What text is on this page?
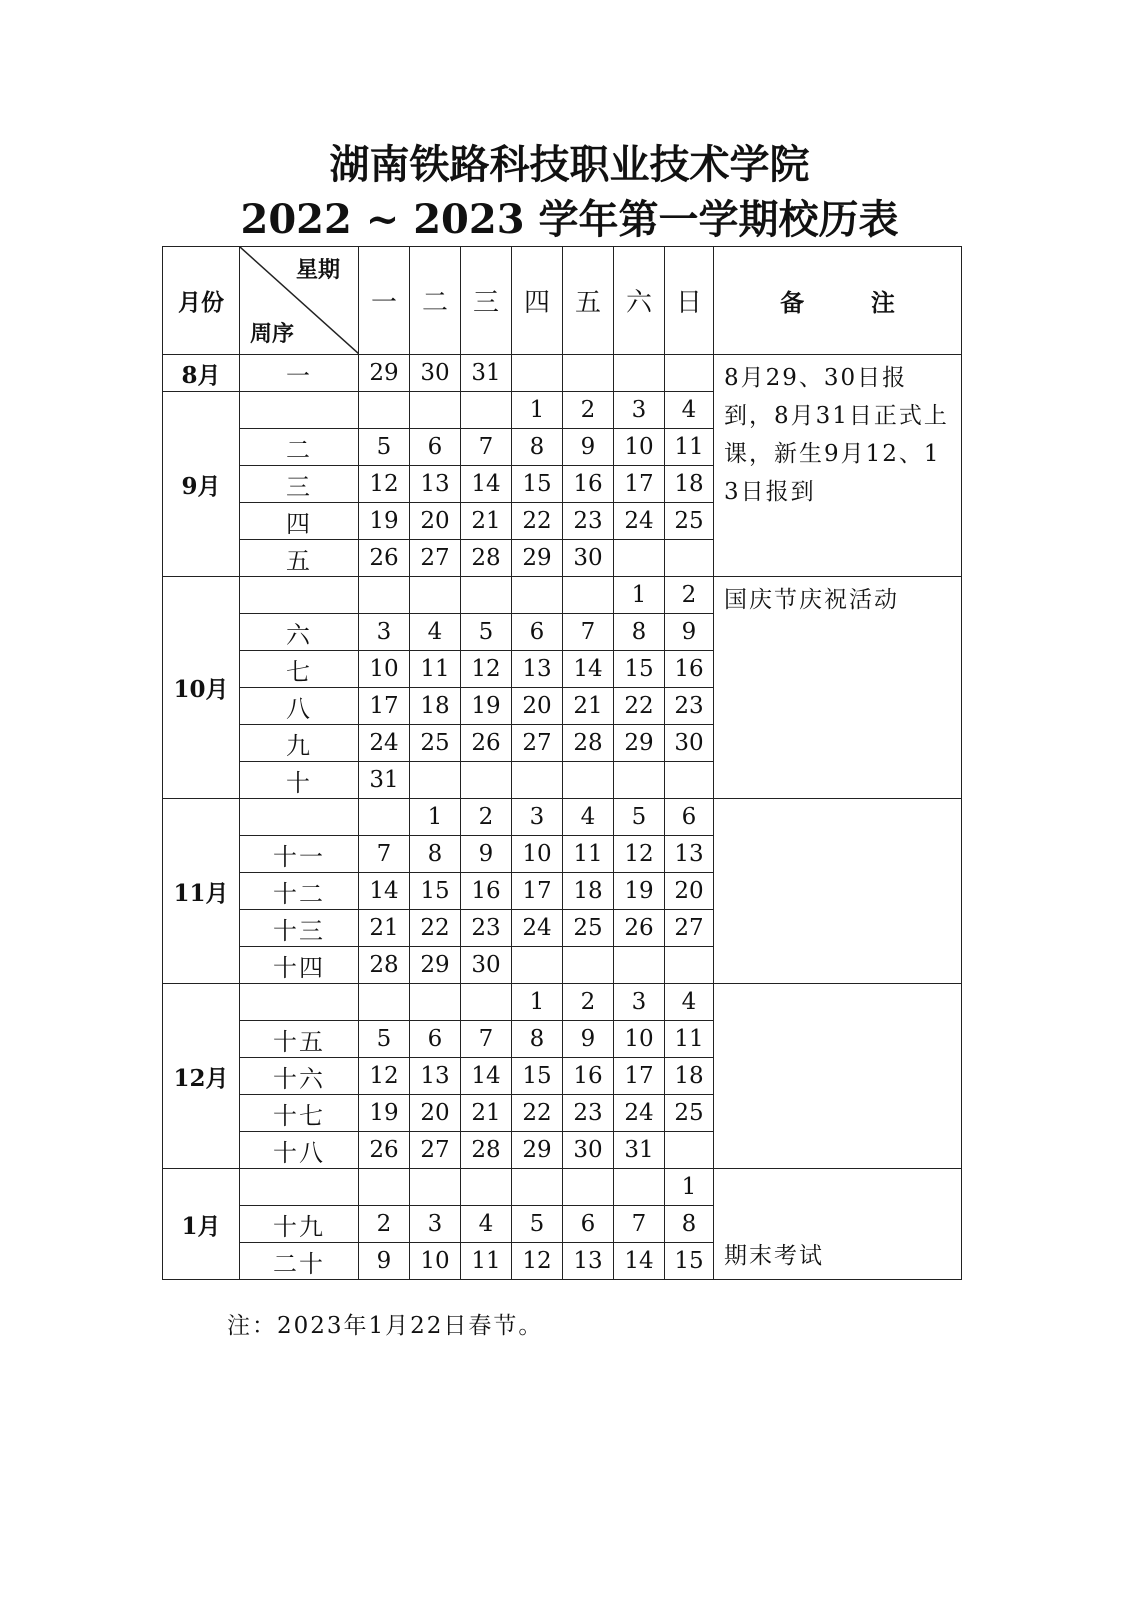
湖南铁路科技职业技术学院
2022 ~ 2023 学年第一学期校历表
月份	星期
周序	一	二	三	四	五	六	日	备        注
8月	一	29	30	31					8月29、30日报到，8月31日正式上课，新生9月12、13日报到
9月					1	2	3	4	
	二	5	6	7	8	9	10	11	
	三	12	13	14	15	16	17	18	
	四	19	20	21	22	23	24	25	
	五	26	27	28	29	30			
10月							1	2	国庆节庆祝活动
	六	3	4	5	6	7	8	9	
	七	10	11	12	13	14	15	16	
	八	17	18	19	20	21	22	23	
	九	24	25	26	27	28	29	30	
	十	31							
11月			1	2	3	4	5	6	
	十一	7	8	9	10	11	12	13	
	十二	14	15	16	17	18	19	20	
	十三	21	22	23	24	25	26	27	
	十四	28	29	30					
12月					1	2	3	4	
	十五	5	6	7	8	9	10	11	
	十六	12	13	14	15	16	17	18	
	十七	19	20	21	22	23	24	25	
	十八	26	27	28	29	30	31		
1月								1	期末考试
	十九	2	3	4	5	6	7	8	
	二十	9	10	11	12	13	14	15	
注：2023年1月22日春节。
